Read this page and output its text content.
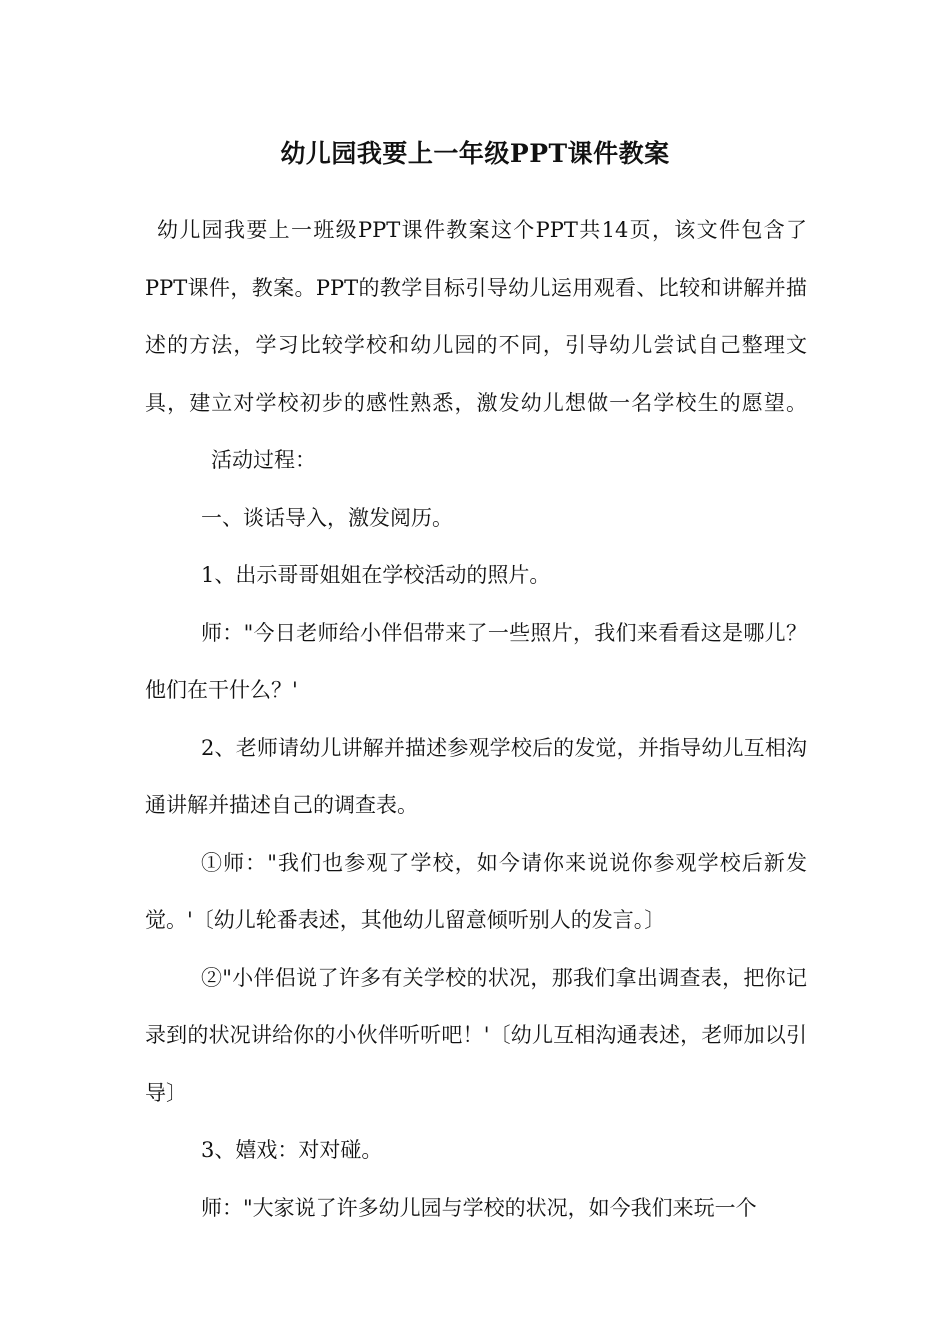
幼儿园我要上一年级PPT课件教案

幼儿园我要上一班级PPT课件教案这个PPT共14页，该文件包含了PPT课件，教案。PPT的教学目标引导幼儿运用观看、比较和讲解并描述的方法，学习比较学校和幼儿园的不同，引导幼儿尝试自己整理文具，建立对学校初步的感性熟悉，激发幼儿想做一名学校生的愿望。活动过程：

一、谈话导入，激发阅历。

1、出示哥哥姐姐在学校活动的照片。

师："今日老师给小伴侣带来了一些照片，我们来看看这是哪儿？他们在干什么？'

2、老师请幼儿讲解并描述参观学校后的发觉，并指导幼儿互相沟通讲解并描述自己的调查表。

①师："我们也参观了学校，如今请你来说说你参观学校后新发觉。'〔幼儿轮番表述，其他幼儿留意倾听别人的发言。〕

②"小伴侣说了许多有关学校的状况，那我们拿出调查表，把你记录到的状况讲给你的小伙伴听听吧！'〔幼儿互相沟通表述，老师加以引导〕

3、嬉戏：对对碰。

师："大家说了许多幼儿园与学校的状况，如今我们来玩一个
